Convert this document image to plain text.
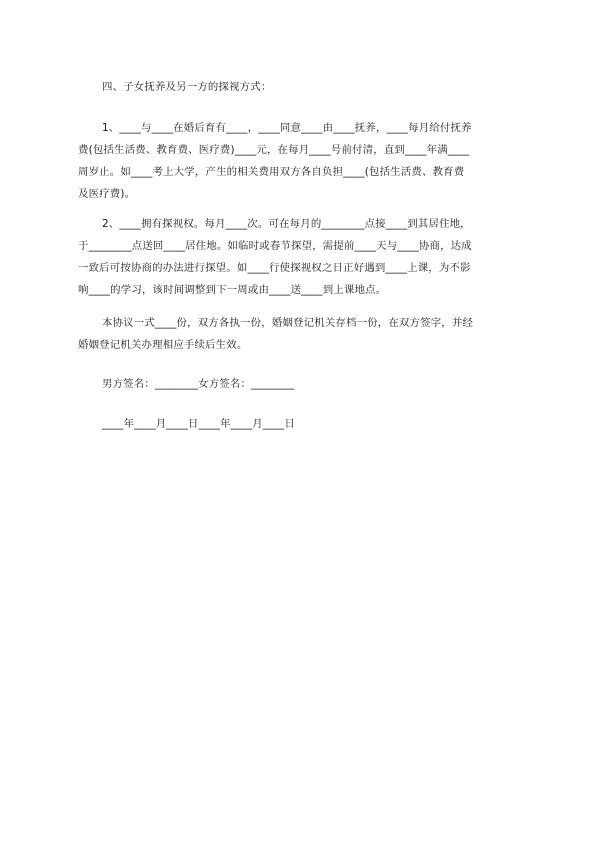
四、子女抚养及另一方的探视方式：

1、____与____在婚后育有____，____同意____由____抚养，____每月给付抚养
费(包括生活费、教育费、医疗费)____元，在每月____号前付清，直到____年满____
周岁止。如____考上大学，产生的相关费用双方各自负担____(包括生活费、教育费
及医疗费)。

2、____拥有探视权。每月____次。可在每月的________点接____到其居住地，
于________点送回____居住地。如临时或春节探望，需提前____天与____协商，达成
一致后可按协商的办法进行探望。如____行使探视权之日正好遇到____上课，为不影
响____的学习，该时间调整到下一周或由____送____到上课地点。

本协议一式____份，双方各执一份，婚姻登记机关存档一份，在双方签字，并经
婚姻登记机关办理相应手续后生效。

男方签名：________女方签名：________

____年____月____日____年____月____日
